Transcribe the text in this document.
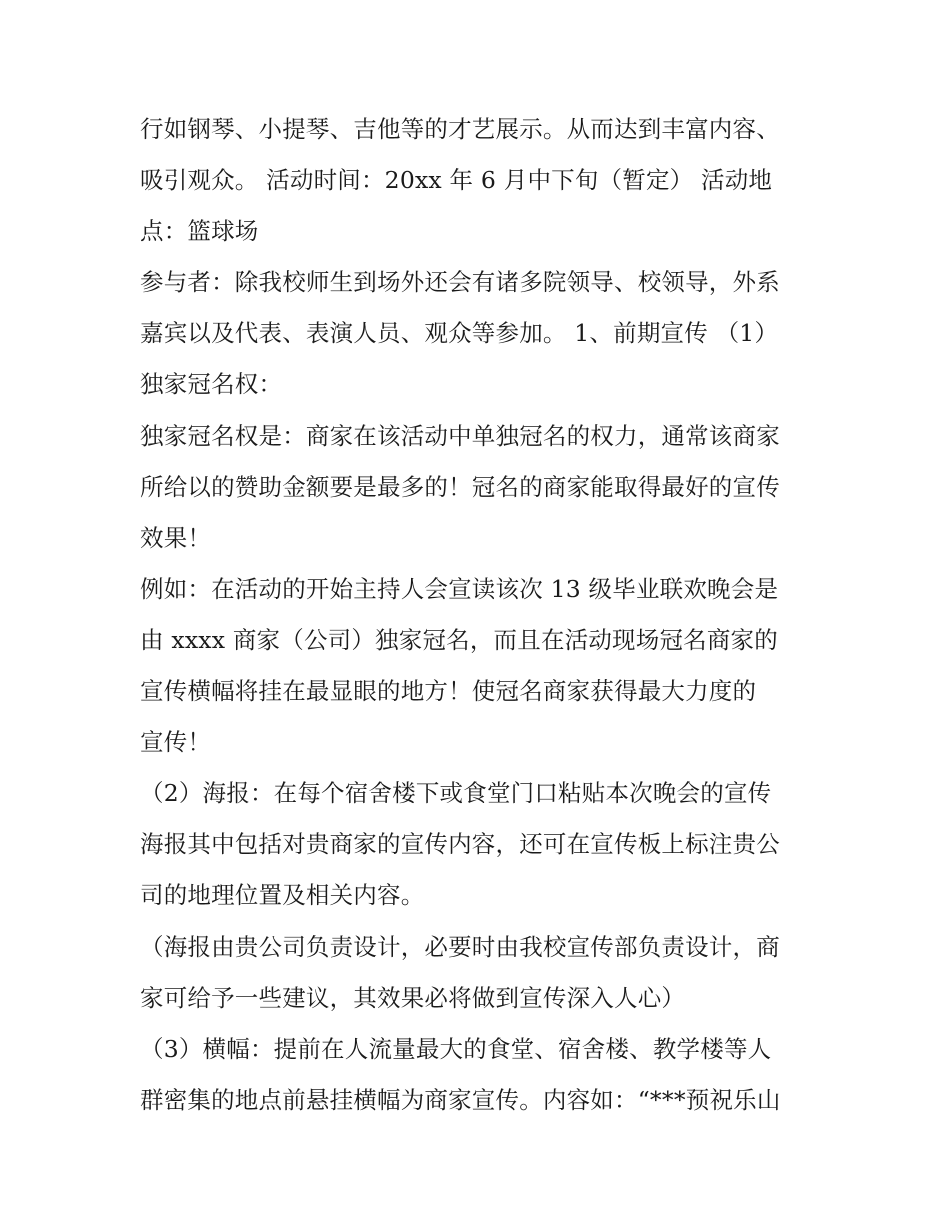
行如钢琴、小提琴、吉他等的才艺展示。从而达到丰富内容、
吸引观众。 活动时间：20xx 年 6 月中下旬（暂定） 活动地
点：篮球场
参与者：除我校师生到场外还会有诸多院领导、校领导，外系
嘉宾以及代表、表演人员、观众等参加。 1、前期宣传 （1）
独家冠名权：
独家冠名权是：商家在该活动中单独冠名的权力，通常该商家
所给以的赞助金额要是最多的！冠名的商家能取得最好的宣传
效果！
例如：在活动的开始主持人会宣读该次 13 级毕业联欢晚会是
由 xxxx 商家（公司）独家冠名，而且在活动现场冠名商家的
宣传横幅将挂在最显眼的地方！使冠名商家获得最大力度的
宣传！
（2）海报：在每个宿舍楼下或食堂门口粘贴本次晚会的宣传
海报其中包括对贵商家的宣传内容，还可在宣传板上标注贵公
司的地理位置及相关内容。
（海报由贵公司负责设计，必要时由我校宣传部负责设计，商
家可给予一些建议，其效果必将做到宣传深入人心）
（3）横幅：提前在人流量最大的食堂、宿舍楼、教学楼等人
群密集的地点前悬挂横幅为商家宣传。内容如：“***预祝乐山
